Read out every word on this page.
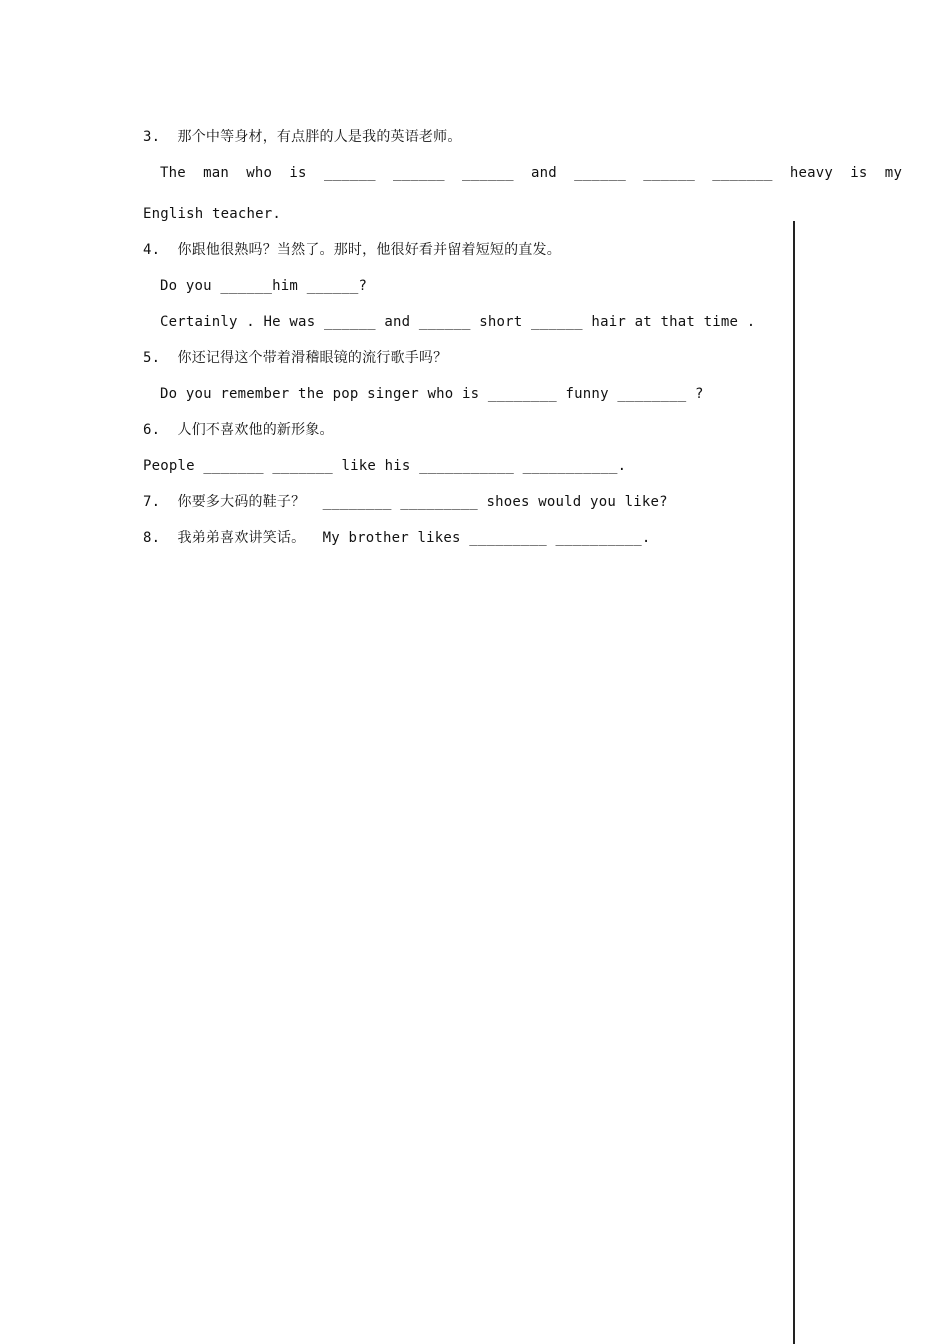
3.  那个中等身材，有点胖的人是我的英语老师。
The  man  who  is  ______  ______  ______  and  ______  ______  _______  heavy  is  my
English teacher.
4.  你跟他很熟吗？当然了。那时，他很好看并留着短短的直发。
Do you ______him ______?
Certainly . He was ______ and ______ short ______ hair at that time .
5.  你还记得这个带着滑稽眼镜的流行歌手吗？
Do you remember the pop singer who is ________ funny ________ ?
6.  人们不喜欢他的新形象。
People _______ _______ like his ___________ ___________.
7.  你要多大码的鞋子？  ________ _________ shoes would you like?
8.  我弟弟喜欢讲笑话。  My brother likes _________ __________.
